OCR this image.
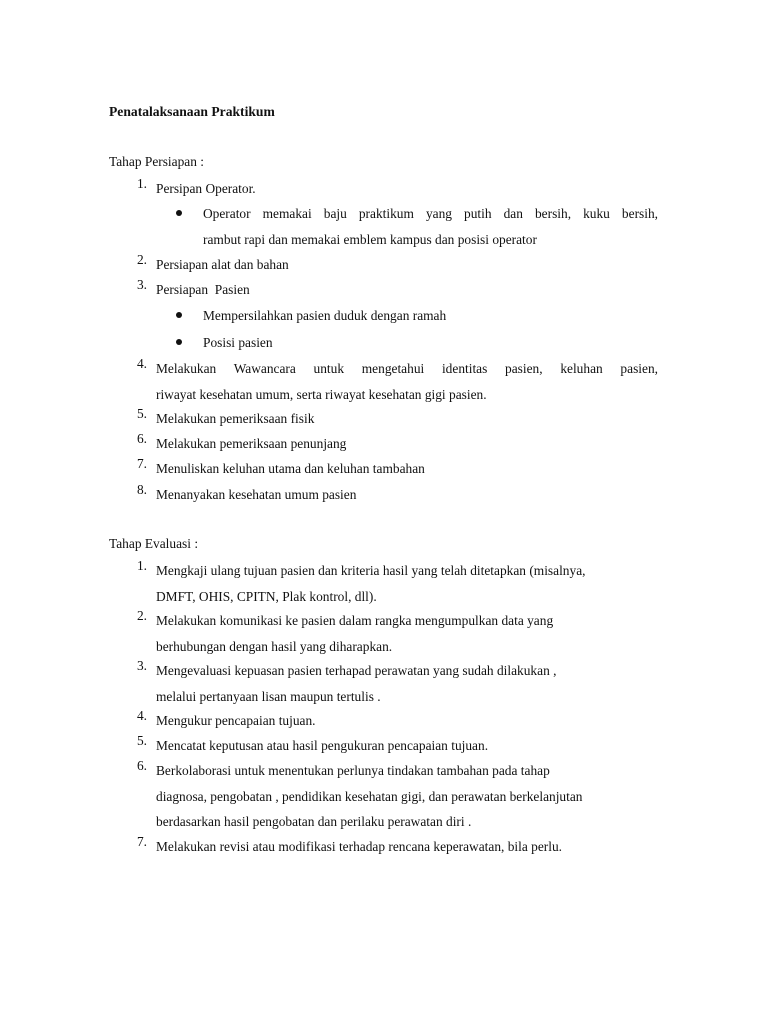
Penatalaksanaan Praktikum

Tahap Persiapan :

1. Persipan Operator.
Operator memakai baju praktikum yang putih dan bersih, kuku bersih,
rambut rapi dan memakai emblem kampus dan posisi operator
2. Persiapan alat dan bahan
3. Persiapan  Pasien
Mempersilahkan pasien duduk dengan ramah
Posisi pasien
4. Melakukan Wawancara untuk mengetahui identitas pasien, keluhan pasien,
riwayat kesehatan umum, serta riwayat kesehatan gigi pasien.
5. Melakukan pemeriksaan fisik
6. Melakukan pemeriksaan penunjang
7. Menuliskan keluhan utama dan keluhan tambahan
8. Menanyakan kesehatan umum pasien

Tahap Evaluasi :

1. Mengkaji ulang tujuan pasien dan kriteria hasil yang telah ditetapkan (misalnya,
DMFT, OHIS, CPITN, Plak kontrol, dll).
2. Melakukan komunikasi ke pasien dalam rangka mengumpulkan data yang
berhubungan dengan hasil yang diharapkan.
3. Mengevaluasi kepuasan pasien terhapad perawatan yang sudah dilakukan ,
melalui pertanyaan lisan maupun tertulis .
4. Mengukur pencapaian tujuan.
5. Mencatat keputusan atau hasil pengukuran pencapaian tujuan.
6. Berkolaborasi untuk menentukan perlunya tindakan tambahan pada tahap
diagnosa, pengobatan , pendidikan kesehatan gigi, dan perawatan berkelanjutan
berdasarkan hasil pengobatan dan perilaku perawatan diri .
7. Melakukan revisi atau modifikasi terhadap rencana keperawatan, bila perlu.
